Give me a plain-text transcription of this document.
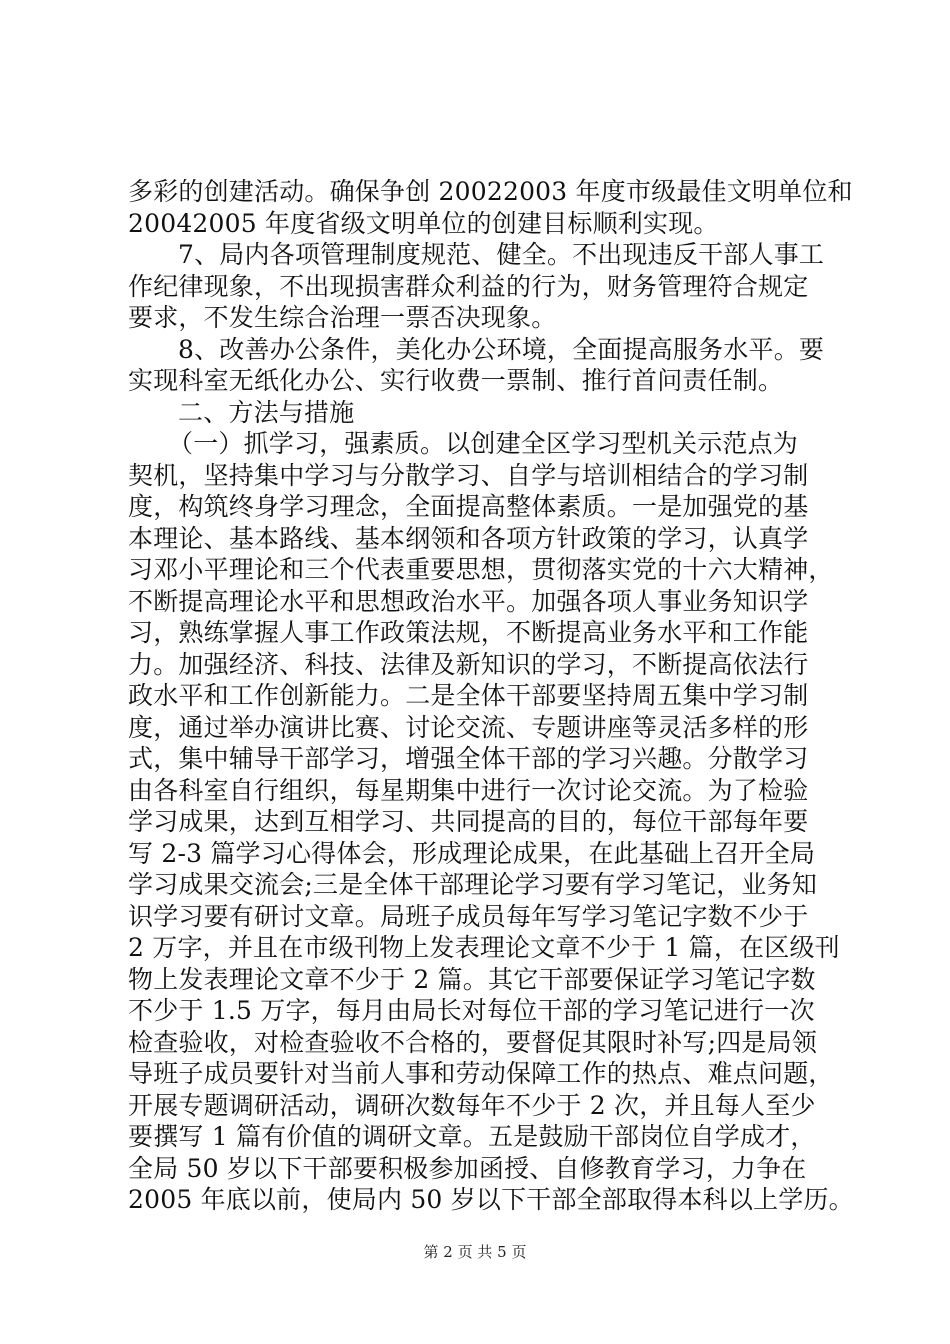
多彩的创建活动。确保争创 20022003 年度市级最佳文明单位和
20042005 年度省级文明单位的创建目标顺利实现。
7、局内各项管理制度规范、健全。不出现违反干部人事工
作纪律现象，不出现损害群众利益的行为，财务管理符合规定
要求，不发生综合治理一票否决现象。
8、改善办公条件，美化办公环境，全面提高服务水平。要
实现科室无纸化办公、实行收费一票制、推行首问责任制。
二、方法与措施
（一）抓学习，强素质。以创建全区学习型机关示范点为
契机，坚持集中学习与分散学习、自学与培训相结合的学习制
度，构筑终身学习理念，全面提高整体素质。一是加强党的基
本理论、基本路线、基本纲领和各项方针政策的学习，认真学
习邓小平理论和三个代表重要思想，贯彻落实党的十六大精神，
不断提高理论水平和思想政治水平。加强各项人事业务知识学
习，熟练掌握人事工作政策法规，不断提高业务水平和工作能
力。加强经济、科技、法律及新知识的学习，不断提高依法行
政水平和工作创新能力。二是全体干部要坚持周五集中学习制
度，通过举办演讲比赛、讨论交流、专题讲座等灵活多样的形
式，集中辅导干部学习，增强全体干部的学习兴趣。分散学习
由各科室自行组织，每星期集中进行一次讨论交流。为了检验
学习成果，达到互相学习、共同提高的目的，每位干部每年要
写 2-3 篇学习心得体会，形成理论成果，在此基础上召开全局
学习成果交流会;三是全体干部理论学习要有学习笔记，业务知
识学习要有研讨文章。局班子成员每年写学习笔记字数不少于
2 万字，并且在市级刊物上发表理论文章不少于 1 篇，在区级刊
物上发表理论文章不少于 2 篇。其它干部要保证学习笔记字数
不少于 1.5 万字，每月由局长对每位干部的学习笔记进行一次
检查验收，对检查验收不合格的，要督促其限时补写;四是局领
导班子成员要针对当前人事和劳动保障工作的热点、难点问题，
开展专题调研活动，调研次数每年不少于 2 次，并且每人至少
要撰写 1 篇有价值的调研文章。五是鼓励干部岗位自学成才，
全局 50 岁以下干部要积极参加函授、自修教育学习，力争在
2005 年底以前，使局内 50 岁以下干部全部取得本科以上学历。
第 2 页 共 5 页
